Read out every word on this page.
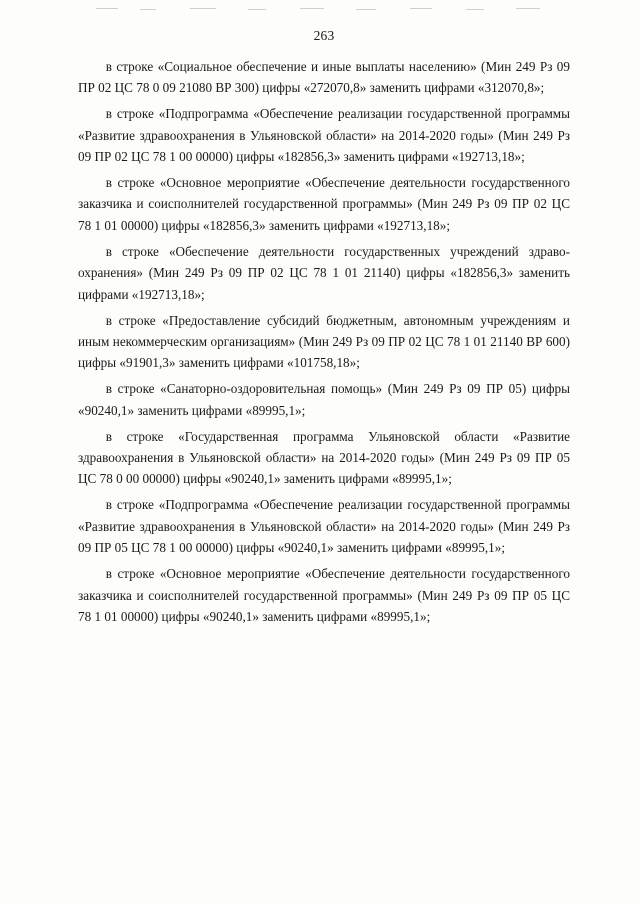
263

в строке «Социальное обеспечение и иные выплаты населению» (Мин 249 Рз 09 ПР 02 ЦС 78 0 09 21080 ВР 300) цифры «272070,8» заменить цифрами «312070,8»;

в строке «Подпрограмма «Обеспечение реализации государственной программы «Развитие здравоохранения в Ульяновской области» на 2014-2020 годы» (Мин 249 Рз 09 ПР 02 ЦС 78 1 00 00000) цифры «182856,3» заменить цифрами «192713,18»;

в строке «Основное мероприятие «Обеспечение деятельности государственного заказчика и соисполнителей государственной программы» (Мин 249 Рз 09 ПР 02 ЦС 78 1 01 00000) цифры «182856,3» заменить цифрами «192713,18»;

в строке «Обеспечение деятельности государственных учреждений здравоохранения» (Мин 249 Рз 09 ПР 02 ЦС 78 1 01 21140) цифры «182856,3» заменить цифрами «192713,18»;

в строке «Предоставление субсидий бюджетным, автономным учреждениям и иным некоммерческим организациям» (Мин 249 Рз 09 ПР 02 ЦС 78 1 01 21140 ВР 600) цифры «91901,3» заменить цифрами «101758,18»;

в строке «Санаторно-оздоровительная помощь» (Мин 249 Рз 09 ПР 05) цифры «90240,1» заменить цифрами «89995,1»;

в строке «Государственная программа Ульяновской области «Развитие здравоохранения в Ульяновской области» на 2014-2020 годы» (Мин 249 Рз 09 ПР 05 ЦС 78 0 00 00000) цифры «90240,1» заменить цифрами «89995,1»;

в строке «Подпрограмма «Обеспечение реализации государственной программы «Развитие здравоохранения в Ульяновской области» на 2014-2020 годы» (Мин 249 Рз 09 ПР 05 ЦС 78 1 00 00000) цифры «90240,1» заменить цифрами «89995,1»;

в строке «Основное мероприятие «Обеспечение деятельности государственного заказчика и соисполнителей государственной программы» (Мин 249 Рз 09 ПР 05 ЦС 78 1 01 00000) цифры «90240,1» заменить цифрами «89995,1»;
